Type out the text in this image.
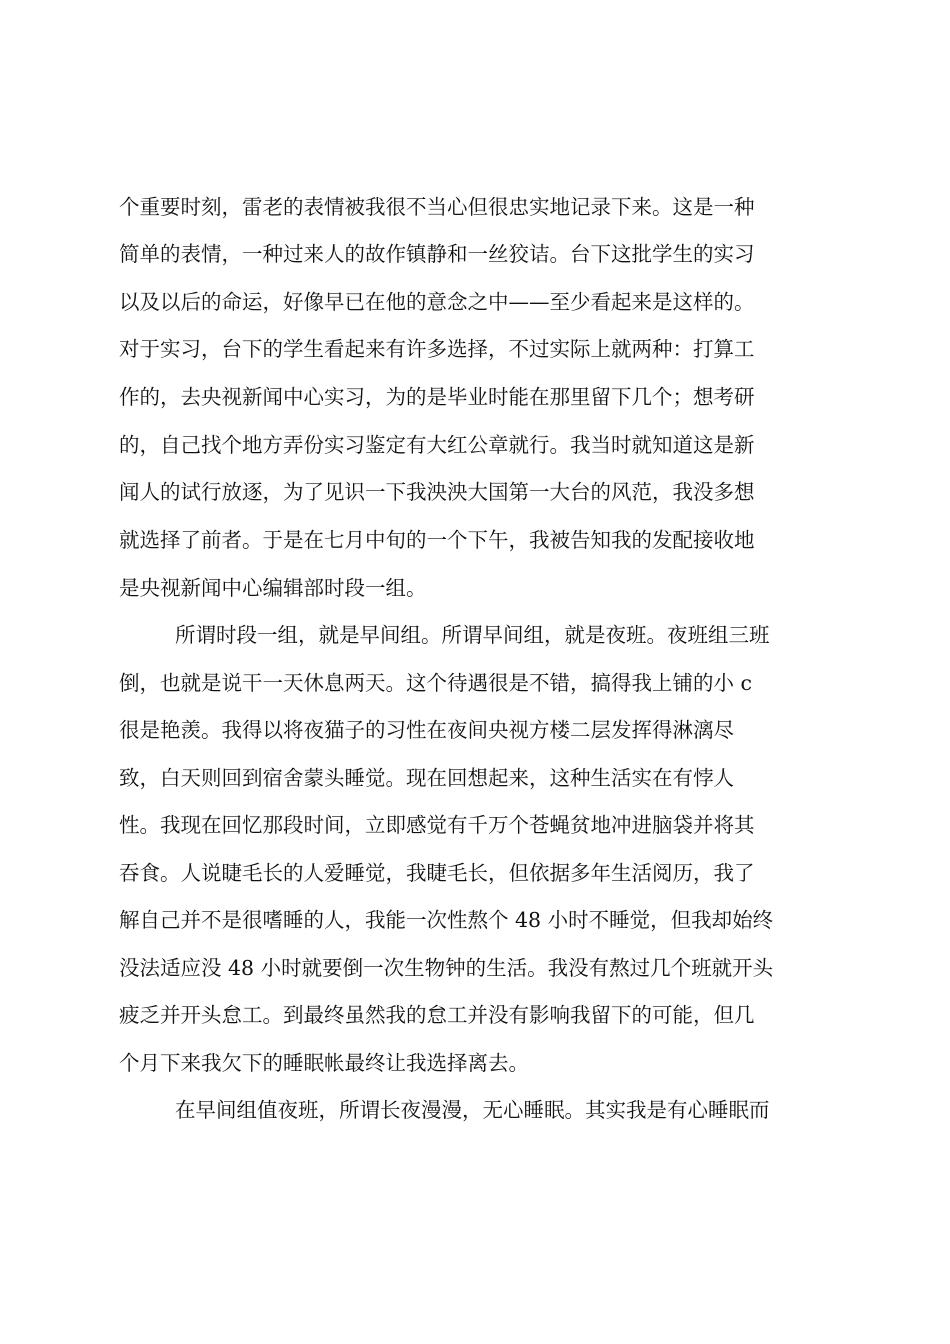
个重要时刻，雷老的表情被我很不当心但很忠实地记录下来。这是一种
简单的表情，一种过来人的故作镇静和一丝狡诘。台下这批学生的实习
以及以后的命运，好像早已在他的意念之中——至少看起来是这样的。
对于实习，台下的学生看起来有许多选择，不过实际上就两种：打算工
作的，去央视新闻中心实习，为的是毕业时能在那里留下几个；想考研
的，自己找个地方弄份实习鉴定有大红公章就行。我当时就知道这是新
闻人的试行放逐，为了见识一下我泱泱大国第一大台的风范，我没多想
就选择了前者。于是在七月中旬的一个下午，我被告知我的发配接收地
是央视新闻中心编辑部时段一组。
所谓时段一组，就是早间组。所谓早间组，就是夜班。夜班组三班
倒，也就是说干一天休息两天。这个待遇很是不错，搞得我上铺的小 c
很是艳羡。我得以将夜猫子的习性在夜间央视方楼二层发挥得淋漓尽
致，白天则回到宿舍蒙头睡觉。现在回想起来，这种生活实在有悖人
性。我现在回忆那段时间，立即感觉有千万个苍蝇贫地冲进脑袋并将其
吞食。人说睫毛长的人爱睡觉，我睫毛长，但依据多年生活阅历，我了
解自己并不是很嗜睡的人，我能一次性熬个 48 小时不睡觉，但我却始终
没法适应没 48 小时就要倒一次生物钟的生活。我没有熬过几个班就开头
疲乏并开头怠工。到最终虽然我的怠工并没有影响我留下的可能，但几
个月下来我欠下的睡眠帐最终让我选择离去。
在早间组值夜班，所谓长夜漫漫，无心睡眠。其实我是有心睡眠而
